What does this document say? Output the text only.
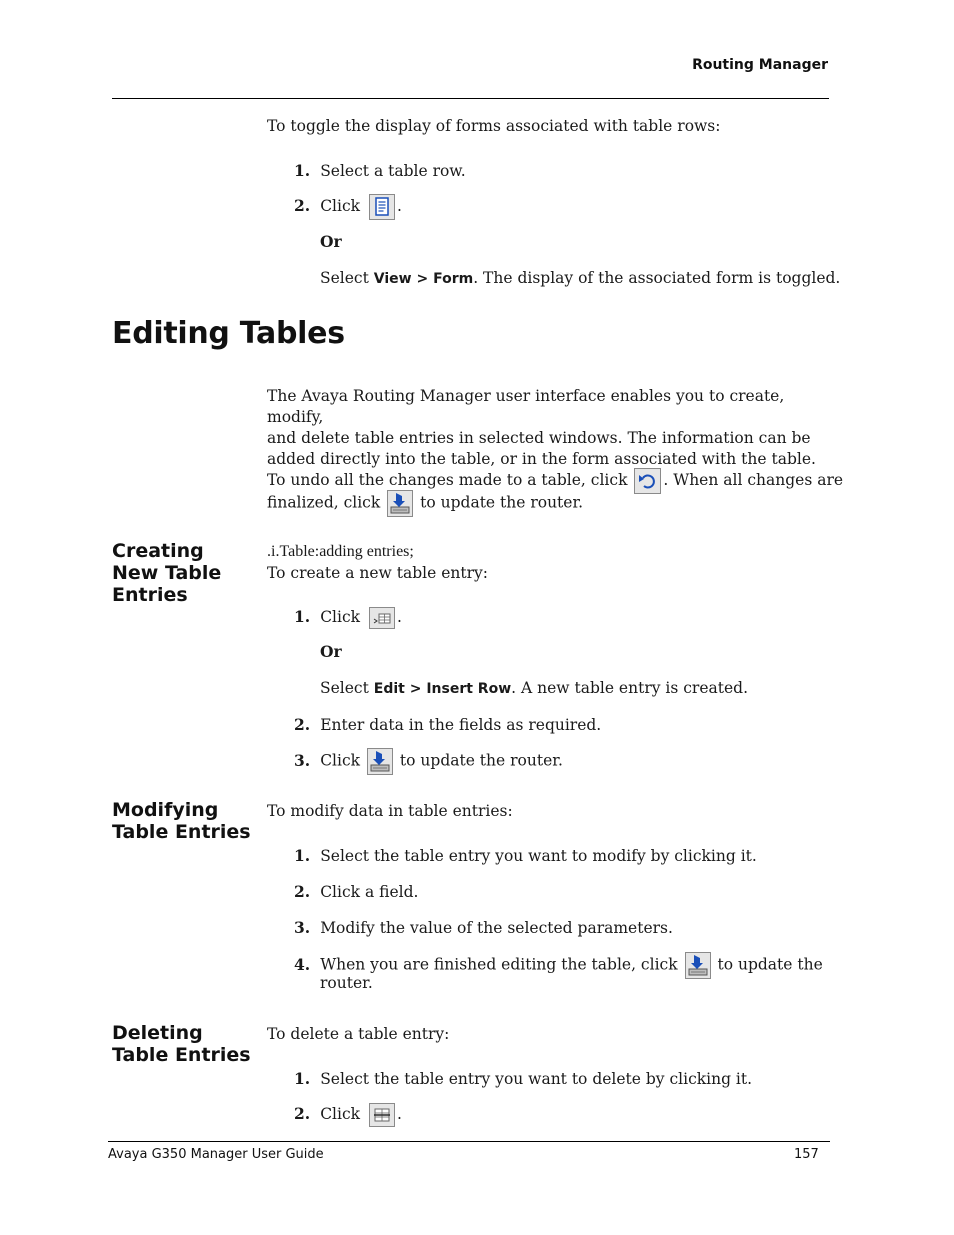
Routing Manager
To toggle the display of forms associated with table rows:
1. Select a table row.
2. Click .
Or
Select View > Form. The display of the associated form is toggled.
Editing Tables
The Avaya Routing Manager user interface enables you to create, modify,
and delete table entries in selected windows. The information can be
added directly into the table, or in the form associated with the table.
To undo all the changes made to a table, click . When all changes are
finalized, click	to update the router.
Creating
New Table
Entries
.i.Table:adding entries;
To create a new table entry:
1. Click .
Or
Select Edit > Insert Row. A new table entry is created.
2. Enter data in the fields as required.
3. Click	to update the router.
Modifying
Table Entries
To modify data in table entries:
1. Select the table entry you want to modify by clicking it.
2. Click a field.
3. Modify the value of the selected parameters.
4. When you are finished editing the table, click	to update the
router.
Deleting
Table Entries
To delete a table entry:
1. Select the table entry you want to delete by clicking it.
2. Click .
Avaya G350 Manager User Guide	157
